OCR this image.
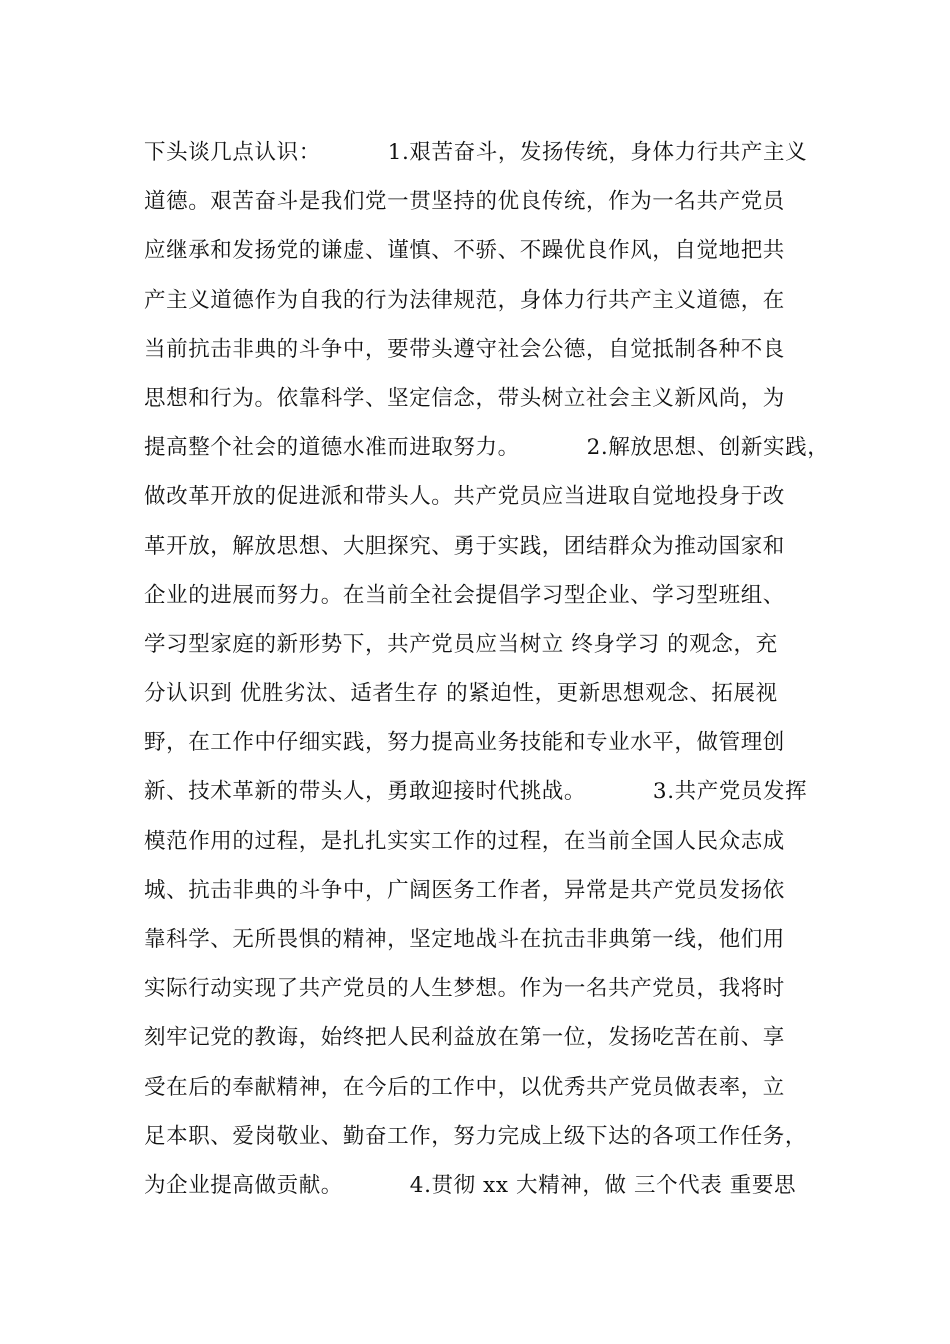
下头谈几点认识：         1.艰苦奋斗，发扬传统，身体力行共产主义
道德。艰苦奋斗是我们党一贯坚持的优良传统，作为一名共产党员
应继承和发扬党的谦虚、谨慎、不骄、不躁优良作风，自觉地把共
产主义道德作为自我的行为法律规范，身体力行共产主义道德，在
当前抗击非典的斗争中，要带头遵守社会公德，自觉抵制各种不良
思想和行为。依靠科学、坚定信念，带头树立社会主义新风尚，为
提高整个社会的道德水准而进取努力。         2.解放思想、创新实践，
做改革开放的促进派和带头人。共产党员应当进取自觉地投身于改
革开放，解放思想、大胆探究、勇于实践，团结群众为推动国家和
企业的进展而努力。在当前全社会提倡学习型企业、学习型班组、
学习型家庭的新形势下，共产党员应当树立 终身学习 的观念，充
分认识到 优胜劣汰、适者生存 的紧迫性，更新思想观念、拓展视
野，在工作中仔细实践，努力提高业务技能和专业水平，做管理创
新、技术革新的带头人，勇敢迎接时代挑战。         3.共产党员发挥
模范作用的过程，是扎扎实实工作的过程，在当前全国人民众志成
城、抗击非典的斗争中，广阔医务工作者，异常是共产党员发扬依
靠科学、无所畏惧的精神，坚定地战斗在抗击非典第一线，他们用
实际行动实现了共产党员的人生梦想。作为一名共产党员，我将时
刻牢记党的教诲，始终把人民利益放在第一位，发扬吃苦在前、享
受在后的奉献精神，在今后的工作中，以优秀共产党员做表率，立
足本职、爱岗敬业、勤奋工作，努力完成上级下达的各项工作任务，
为企业提高做贡献。         4.贯彻 xx 大精神，做 三个代表 重要思
